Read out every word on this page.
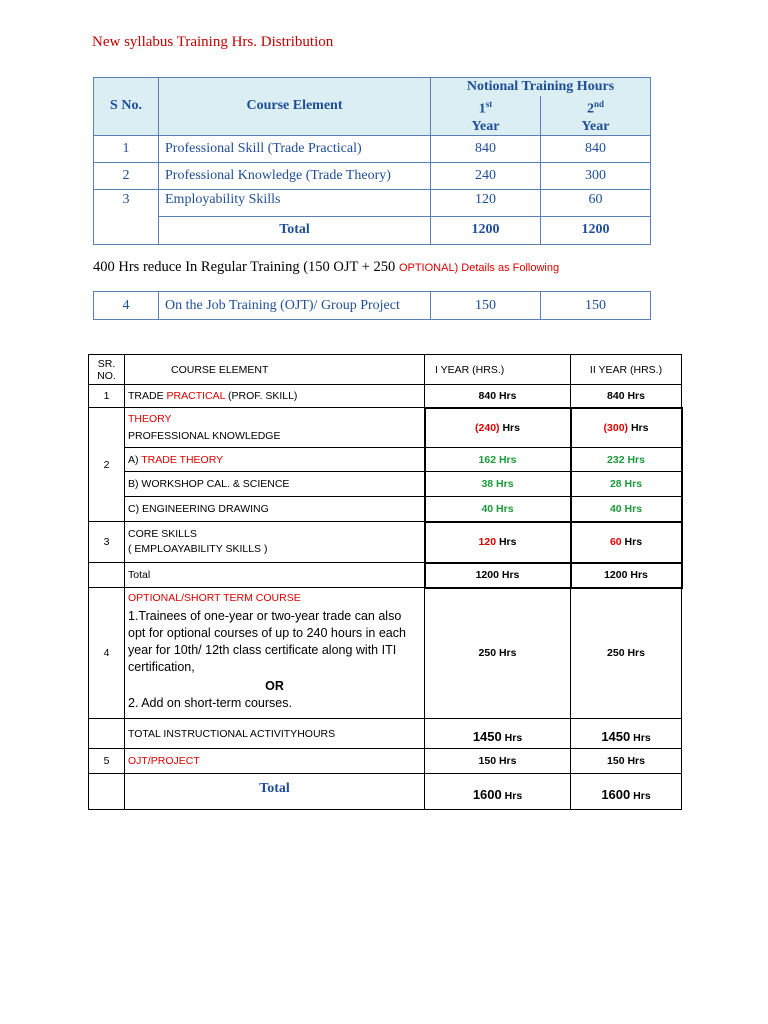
New syllabus Training Hrs. Distribution
S No.	Course Element	Notional Training Hours
1st
Year
2nd
Year	

1	Professional Skill (Trade Practical)	840	840
2	Professional Knowledge (Trade Theory)	240	300
3	Employability Skills	120	60
	Total	1200	1200
400 Hrs reduce In Regular Training (150 OJT + 250 OPTIONAL) Details as Following
4	On the Job Training (OJT)/ Group Project	150	150
SR.
NO.	COURSE ELEMENT	I YEAR (HRS.)	II YEAR (HRS.)
1	TRADE PRACTICAL (PROF. SKILL)	840 Hrs	840 Hrs
2	THEORY
PROFESSIONAL KNOWLEDGE	(240) Hrs	(300) Hrs
	A) TRADE THEORY	162 Hrs	232 Hrs
	B) WORKSHOP CAL. & SCIENCE	38 Hrs	28 Hrs
	C) ENGINEERING DRAWING	40 Hrs	40 Hrs
3	CORE SKILLS
( EMPLOAYABILITY SKILLS )	120 Hrs	60 Hrs
	Total	1200 Hrs	1200 Hrs
4	OPTIONAL/SHORT TERM COURSE
1.Trainees of one-year or two-year trade can also opt for optional courses of up to 240 hours in each year for 10th/ 12th class certificate along with ITI certification,
OR
2. Add on short-term courses.	250 Hrs	250 Hrs
	TOTAL INSTRUCTIONAL ACTIVITYHOURS	1450 Hrs	1450 Hrs
5	OJT/PROJECT	150 Hrs	150 Hrs
	Total	1600 Hrs	1600 Hrs
